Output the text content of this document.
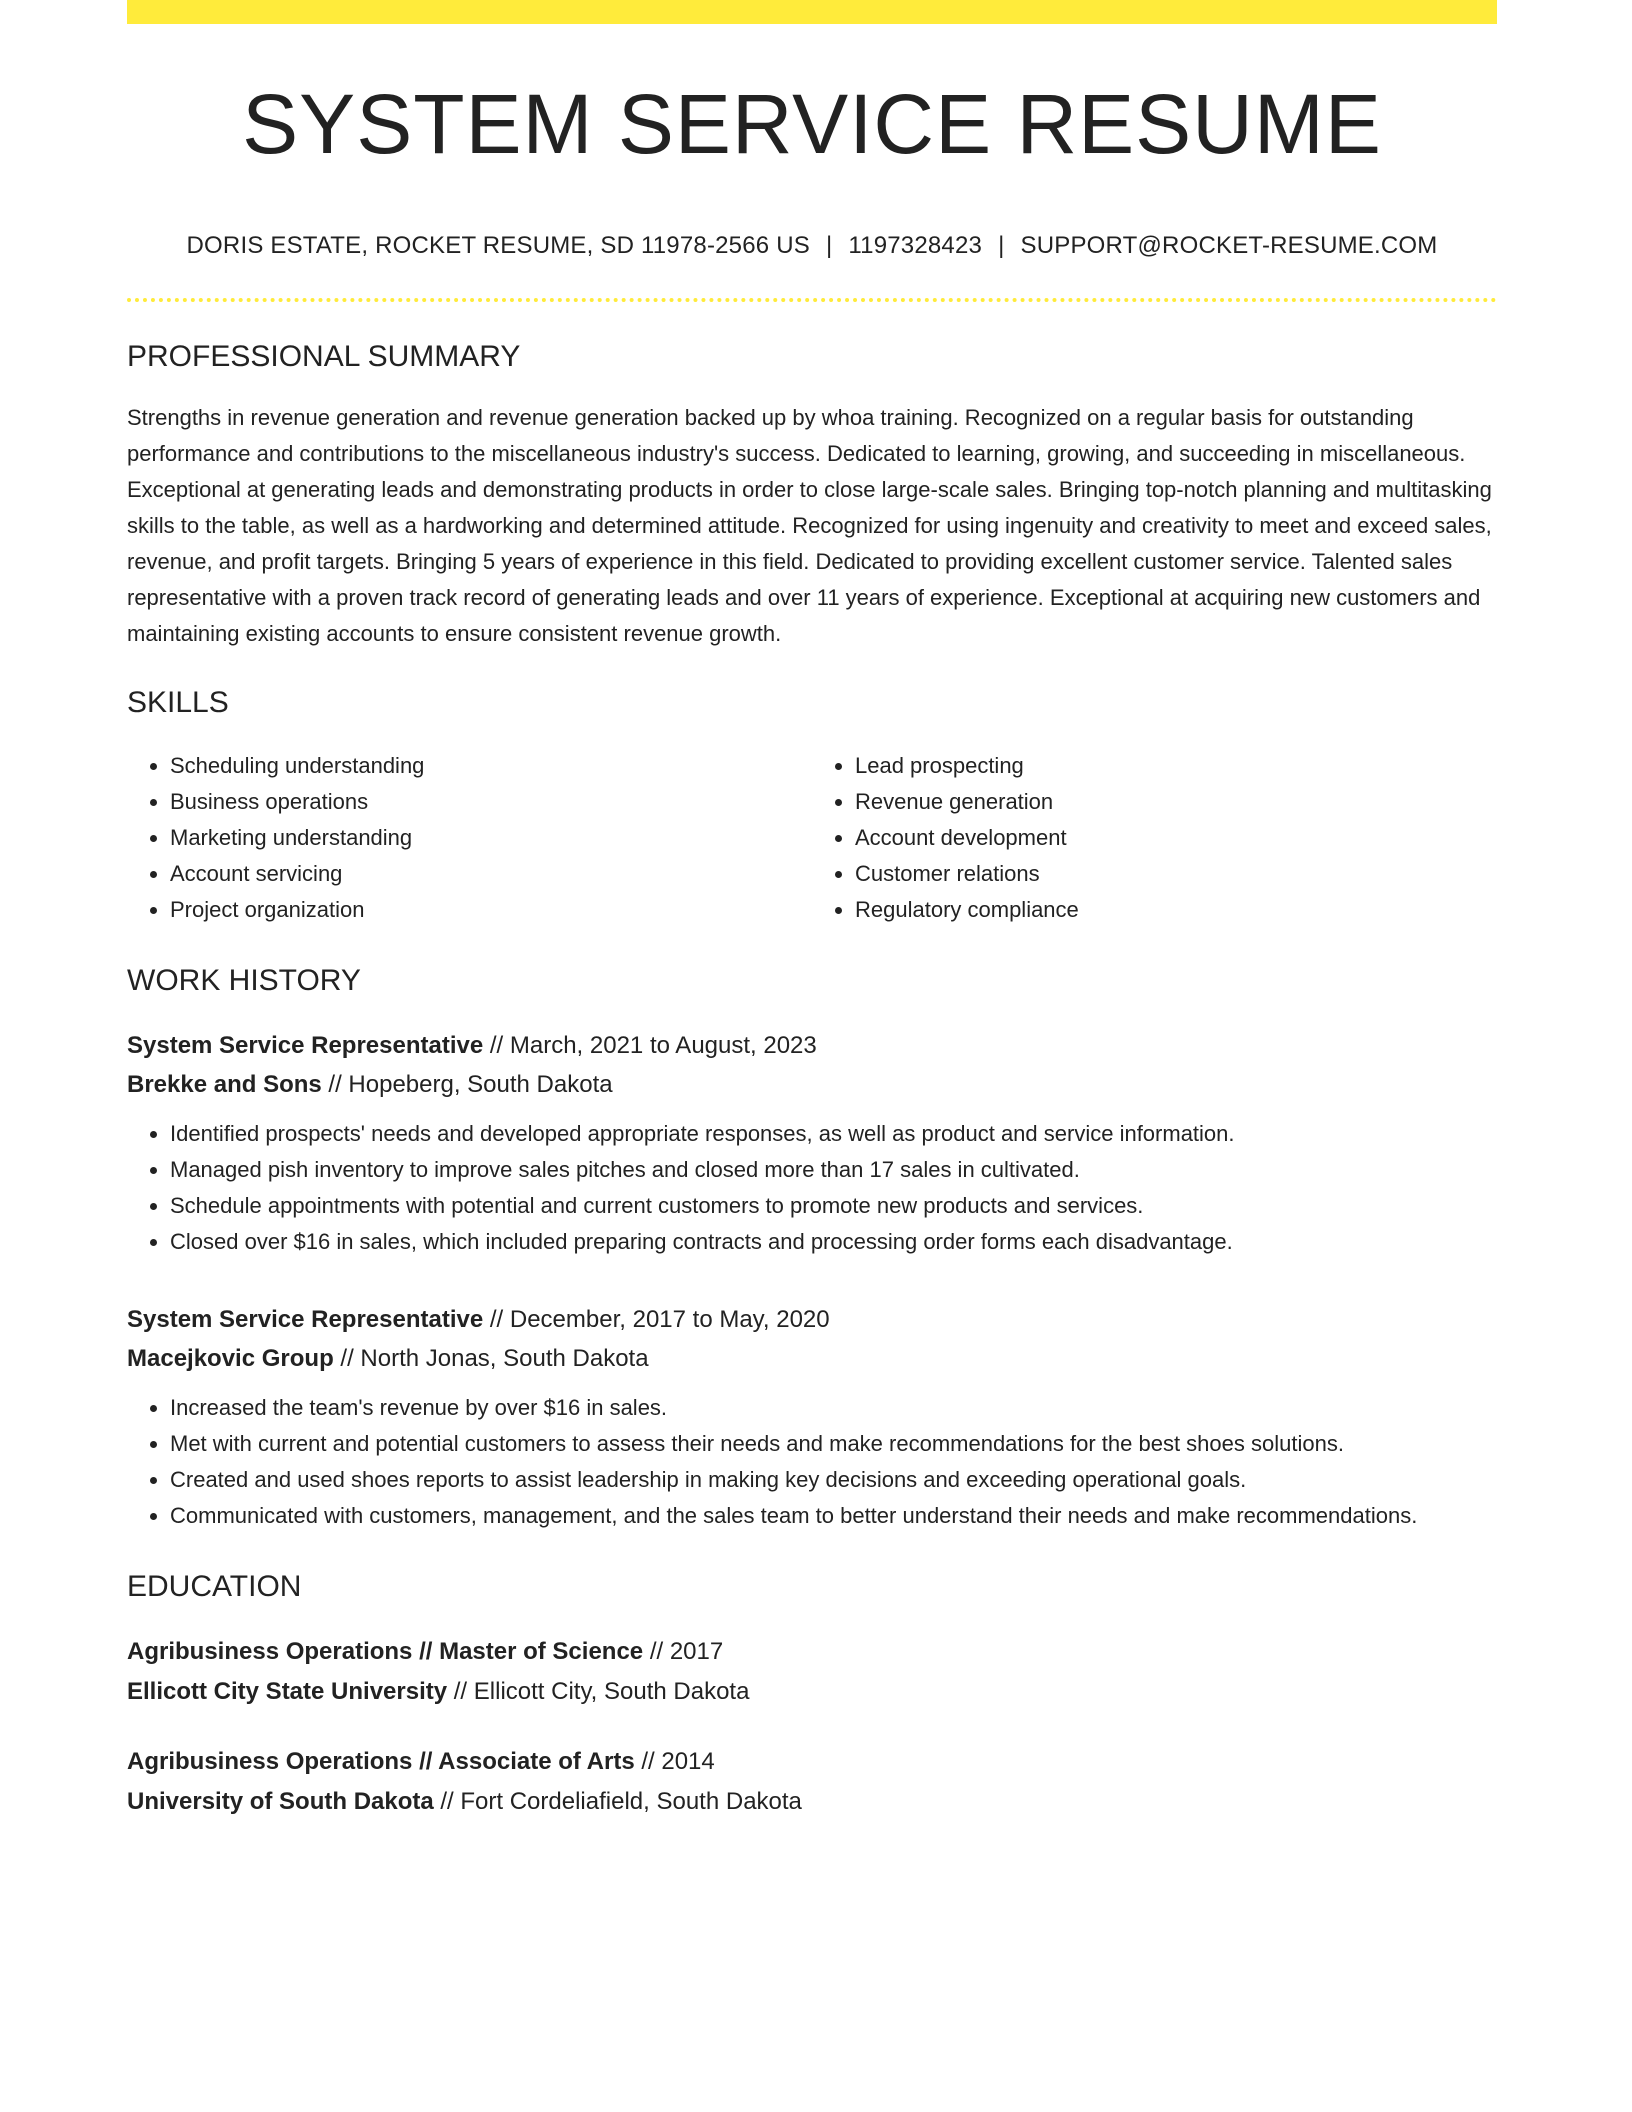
SYSTEM SERVICE RESUME
DORIS ESTATE, ROCKET RESUME, SD 11978-2566 US | 1197328423 | SUPPORT@ROCKET-RESUME.COM
PROFESSIONAL SUMMARY
Strengths in revenue generation and revenue generation backed up by whoa training. Recognized on a regular basis for outstanding performance and contributions to the miscellaneous industry's success. Dedicated to learning, growing, and succeeding in miscellaneous. Exceptional at generating leads and demonstrating products in order to close large-scale sales. Bringing top-notch planning and multitasking skills to the table, as well as a hardworking and determined attitude. Recognized for using ingenuity and creativity to meet and exceed sales, revenue, and profit targets. Bringing 5 years of experience in this field. Dedicated to providing excellent customer service. Talented sales representative with a proven track record of generating leads and over 11 years of experience. Exceptional at acquiring new customers and maintaining existing accounts to ensure consistent revenue growth.
SKILLS
• Scheduling understanding
• Business operations
• Marketing understanding
• Account servicing
• Project organization
• Lead prospecting
• Revenue generation
• Account development
• Customer relations
• Regulatory compliance
WORK HISTORY
System Service Representative // March, 2021 to August, 2023
Brekke and Sons // Hopeberg, South Dakota
• Identified prospects' needs and developed appropriate responses, as well as product and service information.
• Managed pish inventory to improve sales pitches and closed more than 17 sales in cultivated.
• Schedule appointments with potential and current customers to promote new products and services.
• Closed over $16 in sales, which included preparing contracts and processing order forms each disadvantage.
System Service Representative // December, 2017 to May, 2020
Macejkovic Group // North Jonas, South Dakota
• Increased the team's revenue by over $16 in sales.
• Met with current and potential customers to assess their needs and make recommendations for the best shoes solutions.
• Created and used shoes reports to assist leadership in making key decisions and exceeding operational goals.
• Communicated with customers, management, and the sales team to better understand their needs and make recommendations.
EDUCATION
Agribusiness Operations // Master of Science // 2017
Ellicott City State University // Ellicott City, South Dakota
Agribusiness Operations // Associate of Arts // 2014
University of South Dakota // Fort Cordeliafield, South Dakota
